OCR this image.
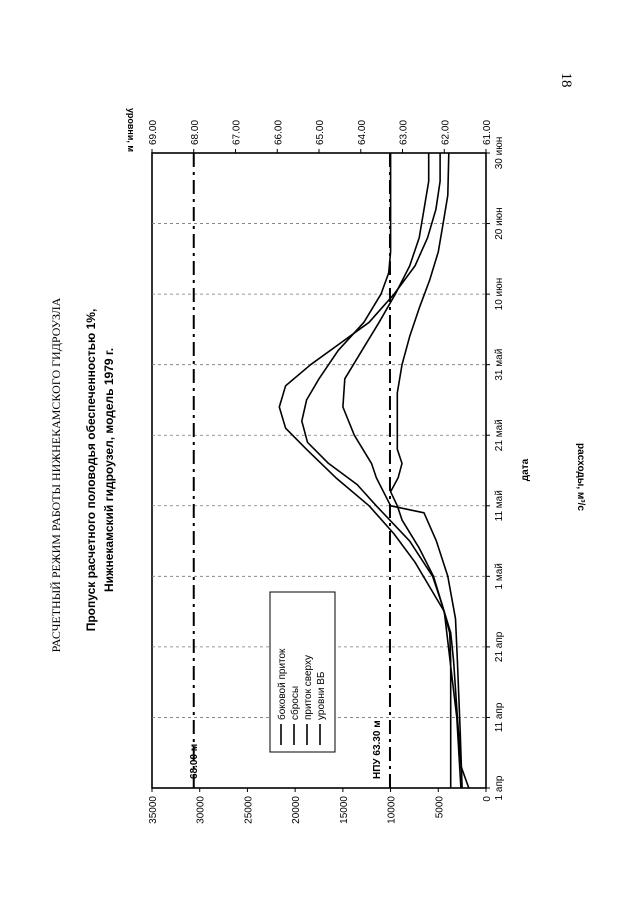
18
РАСЧЕТНЫЙ РЕЖИМ РАБОТЫ НИЖНЕКАМСКОГО ГИДРОУЗЛА Пропуск расчетного половодья обеспеченностью 1%, Нижнекамский гидроузел, модель 1979 г.	дата	расходы, м³/с
уровни, м
1 апр
11 апр
21 апр
1 май
11 май
21 май
31 май
10 июн
20 июн
30 июн
0
5000
10000
15000
20000
25000
30000
35000
61.00
62.00
63.00
64.00
65.00
66.00
67.00
68.00
69.00
68.00 м	НПУ 63.30 м
боковой приток сбросы приток сверху уровни ВБ
